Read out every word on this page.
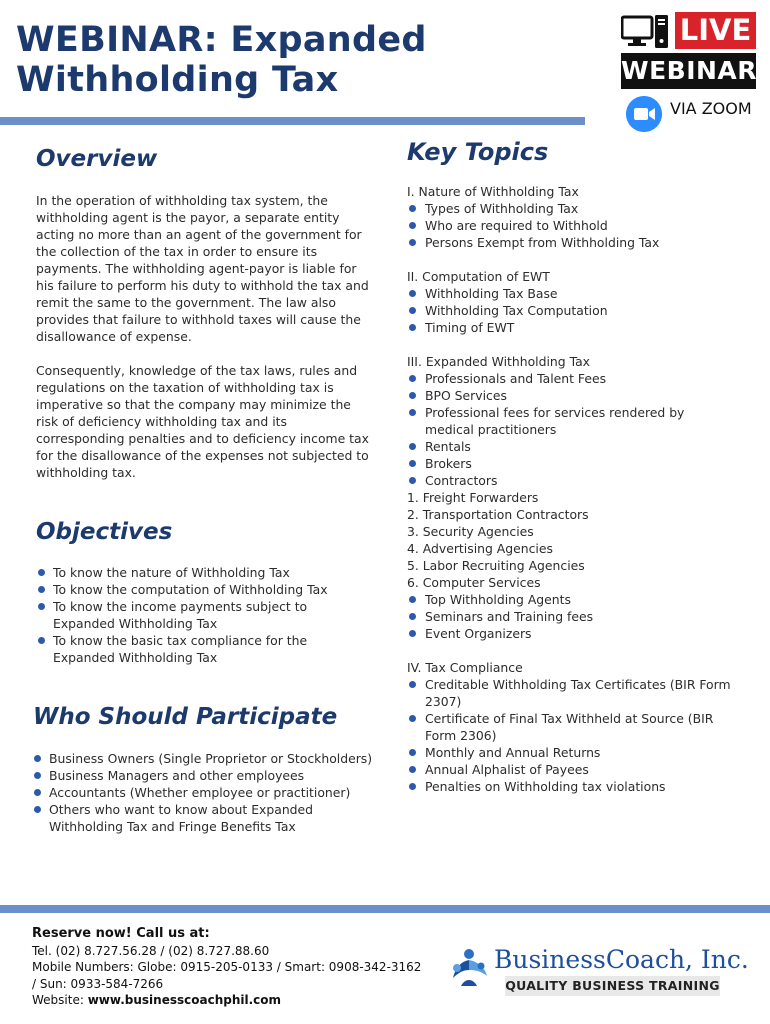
WEBINAR: Expanded
Withholding Tax
LIVE
WEBINAR
VIA ZOOM
Overview
In the operation of withholding tax system, the withholding agent is the payor, a separate entity acting no more than an agent of the government for the collection of the tax in order to ensure its payments. The withholding agent-payor is liable for his failure to perform his duty to withhold the tax and remit the same to the government. The law also provides that failure to withhold taxes will cause the disallowance of expense.
Consequently, knowledge of the tax laws, rules and regulations on the taxation of withholding tax is imperative so that the company may minimize the risk of deficiency withholding tax and its corresponding penalties and to deficiency income tax for the disallowance of the expenses not subjected to withholding tax.
Objectives
To know the nature of Withholding Tax
To know the computation of Withholding Tax
To know the income payments subject to Expanded Withholding Tax
To know the basic tax compliance for the Expanded Withholding Tax
Who Should Participate
Business Owners (Single Proprietor or Stockholders)
Business Managers and other employees
Accountants (Whether employee or practitioner)
Others who want to know about Expanded Withholding Tax and Fringe Benefits Tax
Key Topics
I. Nature of Withholding Tax
Types of Withholding Tax
Who are required to Withhold
Persons Exempt from Withholding Tax
II. Computation of EWT
Withholding Tax Base
Withholding Tax Computation
Timing of EWT
III. Expanded Withholding Tax
Professionals and Talent Fees
BPO Services
Professional fees for services rendered by medical practitioners
Rentals
Brokers
Contractors
1. Freight Forwarders
2. Transportation Contractors
3. Security Agencies
4. Advertising Agencies
5. Labor Recruiting Agencies
6. Computer Services
Top Withholding Agents
Seminars and Training fees
Event Organizers
IV. Tax Compliance
Creditable Withholding Tax Certificates (BIR Form 2307)
Certificate of Final Tax Withheld at Source (BIR Form 2306)
Monthly and Annual Returns
Annual Alphalist of Payees
Penalties on Withholding tax violations
Reserve now! Call us at:
Tel. (02) 8.727.56.28 / (02) 8.727.88.60
Mobile Numbers: Globe: 0915-205-0133 / Smart: 0908-342-3162
/ Sun: 0933-584-7266
Website: www.businesscoachphil.com
BusinessCoach, Inc.
QUALITY BUSINESS TRAINING
